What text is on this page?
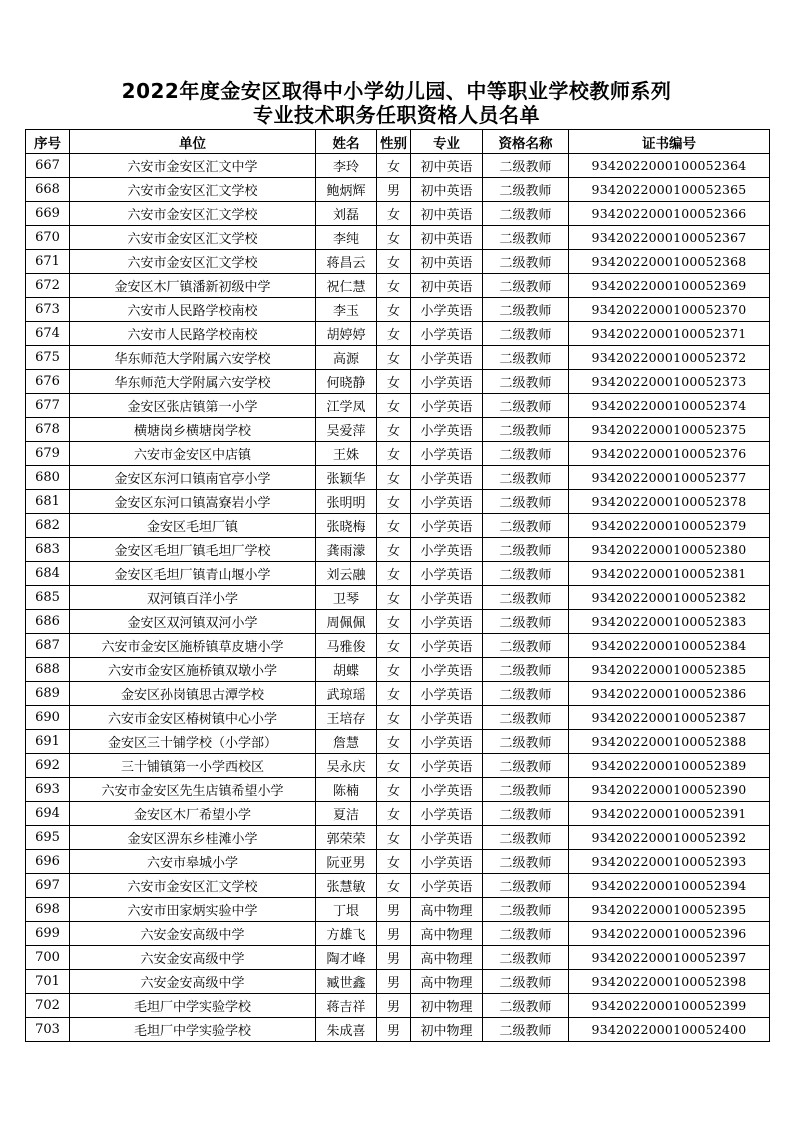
2022年度金安区取得中小学幼儿园、中等职业学校教师系列
专业技术职务任职资格人员名单
序号	单位	姓名	性别	专业	资格名称	证书编号
667	六安市金安区汇文中学	李玲	女	初中英语	二级教师	9342022000100052364
668	六安市金安区汇文学校	鲍炳辉	男	初中英语	二级教师	9342022000100052365
669	六安市金安区汇文学校	刘磊	女	初中英语	二级教师	9342022000100052366
670	六安市金安区汇文学校	李纯	女	初中英语	二级教师	9342022000100052367
671	六安市金安区汇文学校	蒋昌云	女	初中英语	二级教师	9342022000100052368
672	金安区木厂镇潘新初级中学	祝仁慧	女	初中英语	二级教师	9342022000100052369
673	六安市人民路学校南校	李玉	女	小学英语	二级教师	9342022000100052370
674	六安市人民路学校南校	胡婷婷	女	小学英语	二级教师	9342022000100052371
675	华东师范大学附属六安学校	高源	女	小学英语	二级教师	9342022000100052372
676	华东师范大学附属六安学校	何晓静	女	小学英语	二级教师	9342022000100052373
677	金安区张店镇第一小学	江学凤	女	小学英语	二级教师	9342022000100052374
678	横塘岗乡横塘岗学校	吴爱萍	女	小学英语	二级教师	9342022000100052375
679	六安市金安区中店镇	王姝	女	小学英语	二级教师	9342022000100052376
680	金安区东河口镇南官亭小学	张颖华	女	小学英语	二级教师	9342022000100052377
681	金安区东河口镇嵩寮岩小学	张明明	女	小学英语	二级教师	9342022000100052378
682	金安区毛坦厂镇	张晓梅	女	小学英语	二级教师	9342022000100052379
683	金安区毛坦厂镇毛坦厂学校	龚雨濛	女	小学英语	二级教师	9342022000100052380
684	金安区毛坦厂镇青山堰小学	刘云融	女	小学英语	二级教师	9342022000100052381
685	双河镇百洋小学	卫琴	女	小学英语	二级教师	9342022000100052382
686	金安区双河镇双河小学	周佩佩	女	小学英语	二级教师	9342022000100052383
687	六安市金安区施桥镇草皮塘小学	马雅俊	女	小学英语	二级教师	9342022000100052384
688	六安市金安区施桥镇双墩小学	胡蝶	女	小学英语	二级教师	9342022000100052385
689	金安区孙岗镇思古潭学校	武琼瑶	女	小学英语	二级教师	9342022000100052386
690	六安市金安区椿树镇中心小学	王培存	女	小学英语	二级教师	9342022000100052387
691	金安区三十铺学校（小学部）	詹慧	女	小学英语	二级教师	9342022000100052388
692	三十铺镇第一小学西校区	吴永庆	女	小学英语	二级教师	9342022000100052389
693	六安市金安区先生店镇希望小学	陈楠	女	小学英语	二级教师	9342022000100052390
694	金安区木厂希望小学	夏洁	女	小学英语	二级教师	9342022000100052391
695	金安区淠东乡桂滩小学	郭荣荣	女	小学英语	二级教师	9342022000100052392
696	六安市皋城小学	阮亚男	女	小学英语	二级教师	9342022000100052393
697	六安市金安区汇文学校	张慧敏	女	小学英语	二级教师	9342022000100052394
698	六安市田家炳实验中学	丁垠	男	高中物理	二级教师	9342022000100052395
699	六安金安高级中学	方雄飞	男	高中物理	二级教师	9342022000100052396
700	六安金安高级中学	陶才峰	男	高中物理	二级教师	9342022000100052397
701	六安金安高级中学	臧世鑫	男	高中物理	二级教师	9342022000100052398
702	毛坦厂中学实验学校	蒋吉祥	男	初中物理	二级教师	9342022000100052399
703	毛坦厂中学实验学校	朱成喜	男	初中物理	二级教师	9342022000100052400
